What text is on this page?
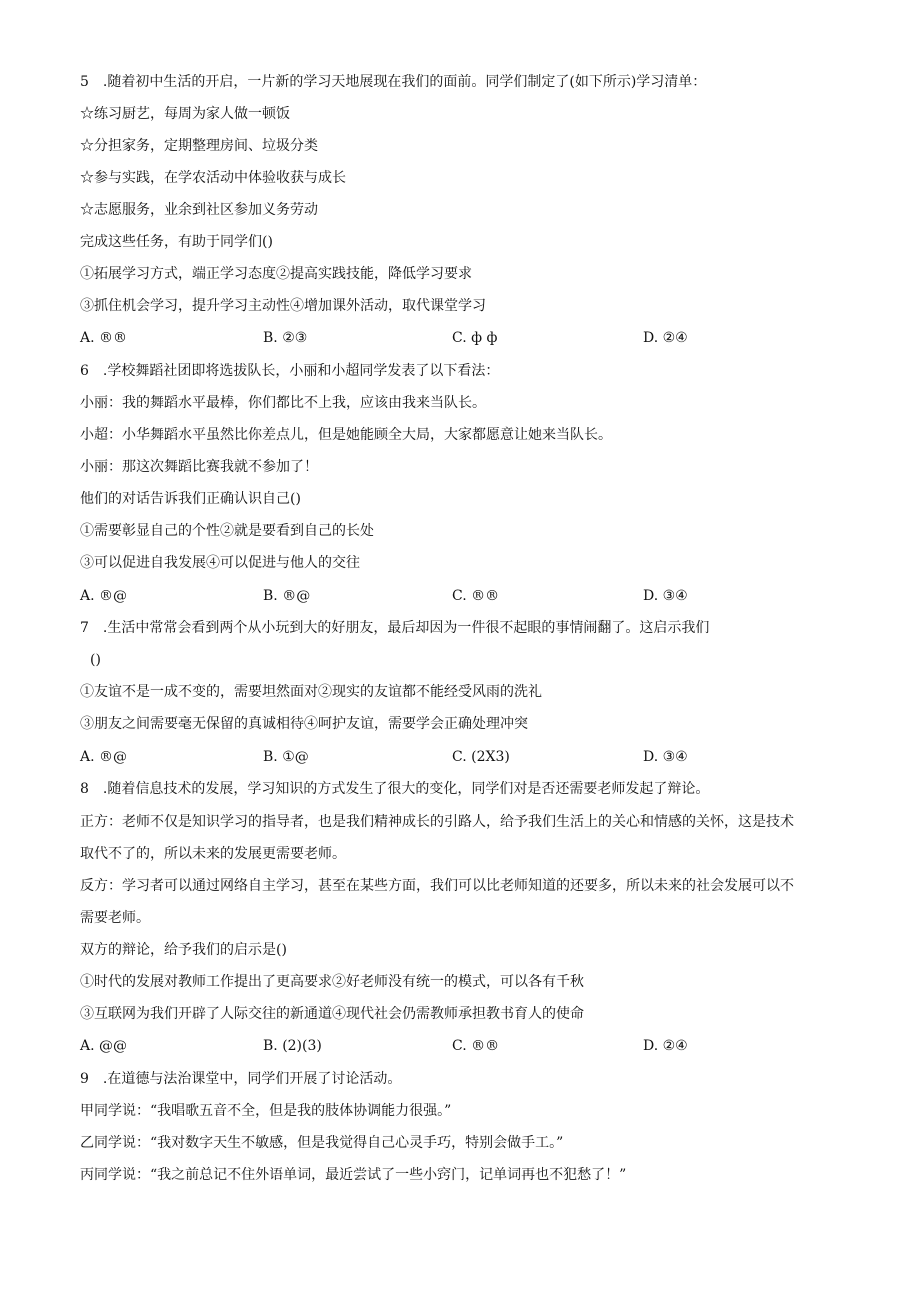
5　.随着初中生活的开启，一片新的学习天地展现在我们的面前。同学们制定了(如下所示)学习清单：
☆练习厨艺，每周为家人做一顿饭
☆分担家务，定期整理房间、垃圾分类
☆参与实践，在学农活动中体验收获与成长
☆志愿服务，业余到社区参加义务劳动
完成这些任务，有助于同学们()
①拓展学习方式，端正学习态度②提高实践技能，降低学习要求
③抓住机会学习，提升学习主动性④增加课外活动，取代课堂学习
A. ®®	B. ②③	C. ф ф	D. ②④
6　.学校舞蹈社团即将选拔队长，小丽和小超同学发表了以下看法：
小丽：我的舞蹈水平最棒，你们都比不上我，应该由我来当队长。
小超：小华舞蹈水平虽然比你差点儿，但是她能顾全大局，大家都愿意让她来当队长。
小丽：那这次舞蹈比赛我就不参加了！
他们的对话告诉我们正确认识自己()
①需要彰显自己的个性②就是要看到自己的长处
③可以促进自我发展④可以促进与他人的交往
A. ®@	B. ®@	C. ®®	D. ③④
7　.生活中常常会看到两个从小玩到大的好朋友，最后却因为一件很不起眼的事情闹翻了。这启示我们
()
①友谊不是一成不变的，需要坦然面对②现实的友谊都不能经受风雨的洗礼
③朋友之间需要毫无保留的真诚相待④呵护友谊，需要学会正确处理冲突
A. ®@	B. ①@	C. (2X3)	D. ③④
8　.随着信息技术的发展，学习知识的方式发生了很大的变化，同学们对是否还需要老师发起了辩论。
正方：老师不仅是知识学习的指导者，也是我们精神成长的引路人，给予我们生活上的关心和情感的关怀，这是技术
取代不了的，所以未来的发展更需要老师。
反方：学习者可以通过网络自主学习，甚至在某些方面，我们可以比老师知道的还要多，所以未来的社会发展可以不
需要老师。
双方的辩论，给予我们的启示是()
①时代的发展对教师工作提出了更高要求②好老师没有统一的模式，可以各有千秋
③互联网为我们开辟了人际交往的新通道④现代社会仍需教师承担教书育人的使命
A. @@	B. (2)(3)	C. ®®	D. ②④
9　.在道德与法治课堂中，同学们开展了讨论活动。
甲同学说：“我唱歌五音不全，但是我的肢体协调能力很强。”
乙同学说：“我对数字天生不敏感，但是我觉得自己心灵手巧，特别会做手工。”
丙同学说：“我之前总记不住外语单词，最近尝试了一些小窍门，记单词再也不犯愁了！”
